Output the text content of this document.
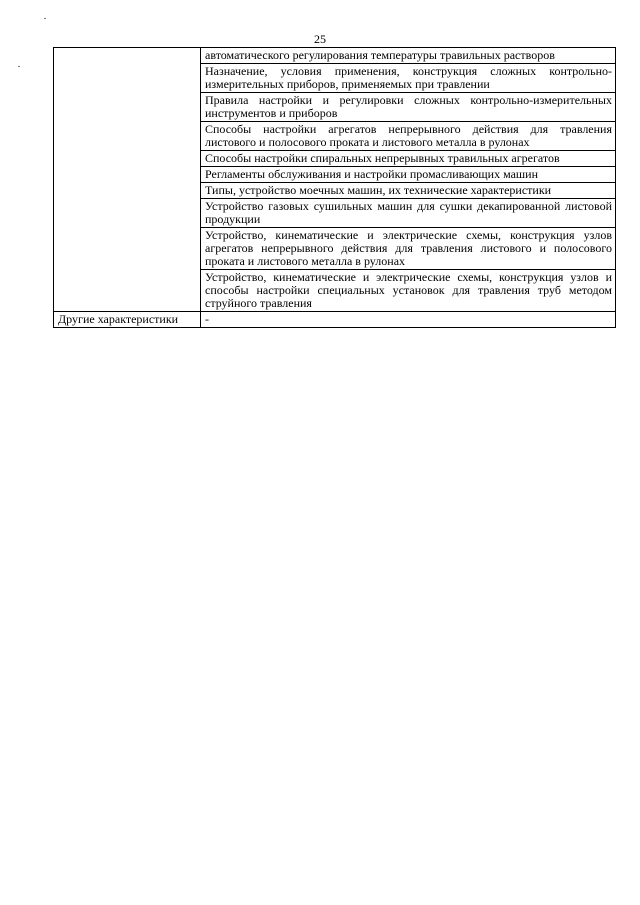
25
	автоматического регулирования температуры травильных растворов
	Назначение, условия применения, конструкция сложных контрольно-измерительных приборов, применяемых при травлении
	Правила настройки и регулировки сложных контрольно-измерительных инструментов и приборов
	Способы настройки агрегатов непрерывного действия для травления листового и полосового проката и листового металла в рулонах
	Способы настройки спиральных непрерывных травильных агрегатов
	Регламенты обслуживания и настройки промасливающих машин
	Типы, устройство моечных машин, их технические характеристики
	Устройство газовых сушильных машин для сушки декапированной листовой продукции
	Устройство, кинематические и электрические схемы, конструкция узлов агрегатов непрерывного действия для травления листового и полосового проката и листового металла в рулонах
	Устройство, кинематические и электрические схемы, конструкция узлов и способы настройки специальных установок для травления труб методом струйного травления
Другие характеристики	-
